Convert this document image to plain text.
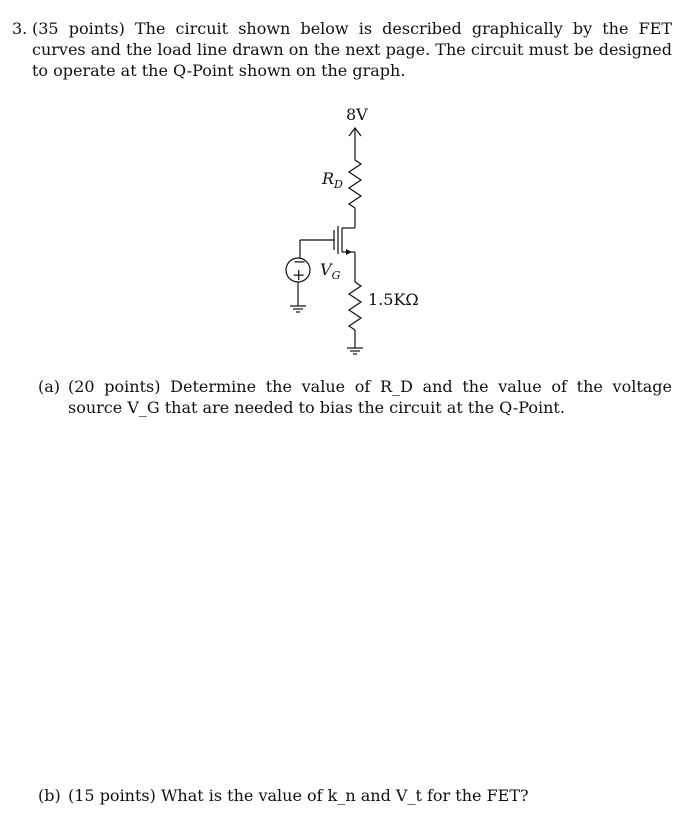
3. (35 points) The circuit shown below is described graphically by the FET curves and the load line drawn on the next page. The circuit must be designed to operate at the Q-Point shown on the graph.
8V
$R_D$
−
+ $V_G$
1.5KΩ
(a) (20 points) Determine the value of R_D and the value of the voltage source V_G that are needed to bias the circuit at the Q-Point.
(b) (15 points) What is the value of k_n and V_t for the FET?
